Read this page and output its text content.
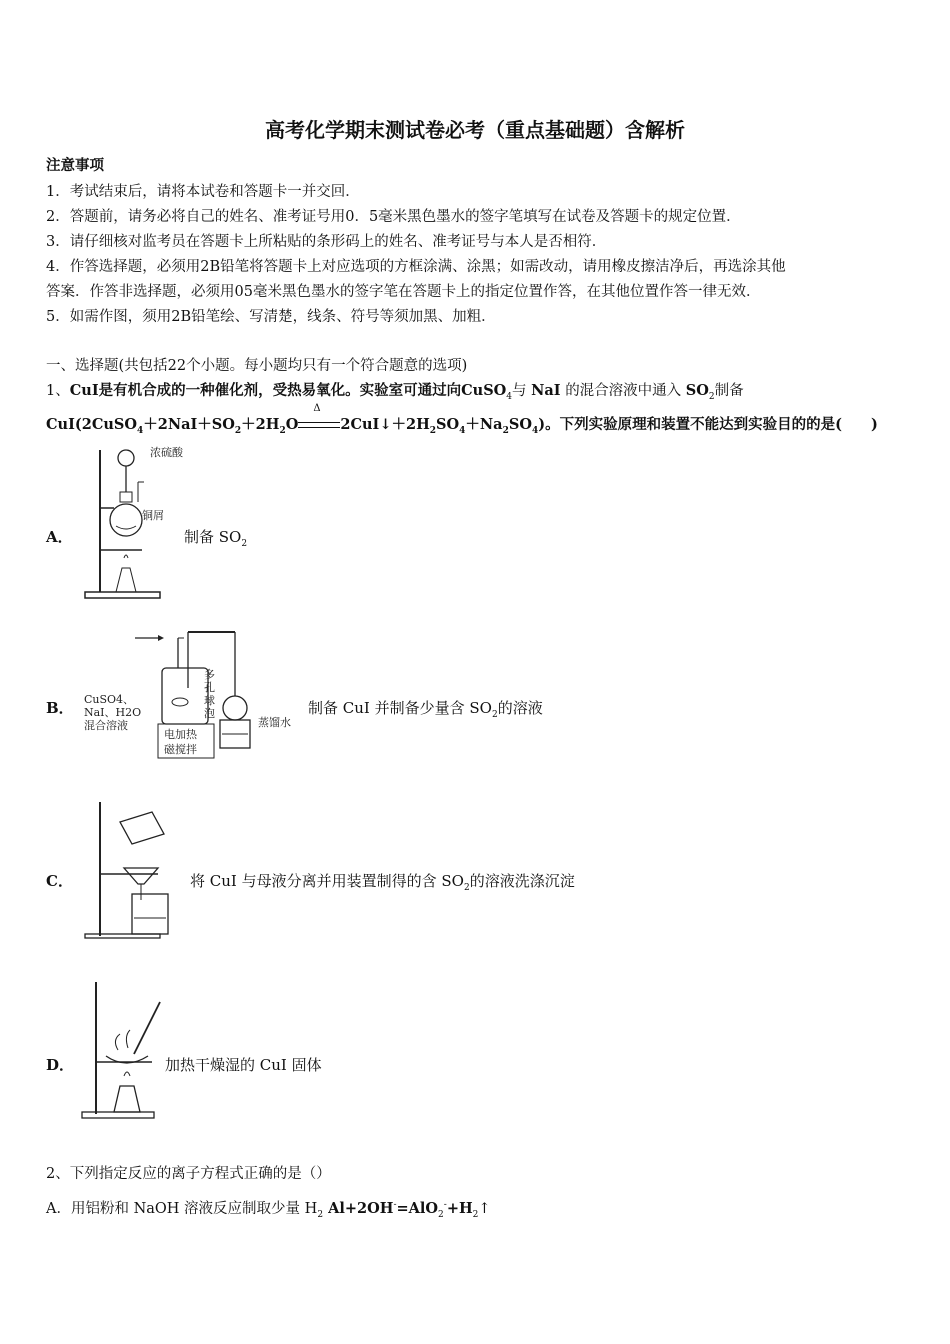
高考化学期末测试卷必考（重点基础题）含解析
注意事项
1．考试结束后，请将本试卷和答题卡一并交回．
2．答题前，请务必将自己的姓名、准考证号用0．5毫米黑色墨水的签字笔填写在试卷及答题卡的规定位置．
3．请仔细核对监考员在答题卡上所粘贴的条形码上的姓名、准考证号与本人是否相符．
4．作答选择题，必须用2B铅笔将答题卡上对应选项的方框涂满、涂黑；如需改动，请用橡皮擦洁净后，再选涂其他
答案．作答非选择题，必须用05毫米黑色墨水的签字笔在答题卡上的指定位置作答，在其他位置作答一律无效．
5．如需作图，须用2B铅笔绘、写清楚，线条、符号等须加黑、加粗．
一、选择题(共包括22个小题。每小题均只有一个符合题意的选项)
1、CuI是有机合成的一种催化剂，受热易氧化。实验室可通过向CuSO$_4$与 NaI 的混合溶液中通入 $SO_2$制备
$CuI(2CuSO_4+2NaI+SO_2+2H_2O$
Δ
$2CuI↓+2H_2SO_4+Na_2SO_4$)。下列实验原理和装置不能达到实验目的的是(　　)
A．
浓硫酸
铜屑
制备 $SO_2$
B．
电加热
磁搅拌
CuSO4、
NaI、H2O
混合溶液
多
孔
球
泡
蒸馏水
制备 CuI 并制备少量含 $SO_2$的溶液
C．	将 CuI 与母液分离并用装置制得的含 $SO_2$的溶液洗涤沉淀
D．	加热干燥湿的 CuI 固体
2、下列指定反应的离子方程式正确的是（）
A．用铝粉和 NaOH 溶液反应制取少量 $H_2$ $Al+2OH^-=AlO_2^-+H_2↑$
